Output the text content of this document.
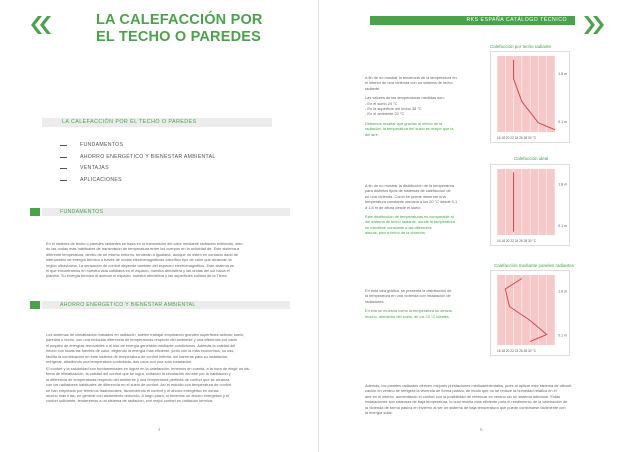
LA CALEFACCIÓN POR
EL TECHO O PAREDES
RKS ESPAÑA CATÁLOGO TÉCNICO
LA CALEFACCIÓN POR EL TECHO O PAREDES
FUNDAMENTOS
AHORRO ENERGÉTICO Y BIENESTAR AMBIENTAL
VENTAJAS
APLICACIONES
FUNDAMENTOS
En el sistema de techo o paredes radiantes se basa en la transmisión del calor mediante radiación enfriando, sien-
do las ondas más habituales de transmisión de temperatura entre los cuerpos en la actividad de. Este sistema a
diferente temperatura, dentro de un mismo entorno, tenderán a igualarla, aunque no estén en contacto dado de
intercambio de energía térmica a través de ondas electromagnéticas calorífico tipo de calor que alcanzan la
región ultravioleta. La sensación de confort depende también del espectro electromagnético. Este sistema es
el que encontramos en nuestra vida cotidiana en el espacio, nuestra atmósfera y las ondas del sol hacia el
planeta. Su energía térmica al acercar el espacio, nuestra atmósfera y las superficies solidos de la Tierra.
AHORRO ENERGÉTICO Y BIENESTAR AMBIENTAL
Los sistemas de climatización basados en radiación, suelen trabajar empleando grandes superficies activas; suelo,
paredes o techo, con una reducida diferencia de temperaturas respecto del ambiente y una eficiencia por cada
el empleo de energías renovables o el uso de energía generada mediante condiciones. Además la calidad del
hecho con todas las fuentes de calor, eligiendo la energía más eficiente, junto con la más económica, su uso,
facilita la combinación en este sistema de temperatura de confort inferior, sin barreras para su instalación,
refrigerar, añadiendo una temperatura controlada, dos usos con una sola instalación.
El confort y la salubridad son fundamentales en lograr en la calefacción, tenemos en cuenta, a la hora de elegir un sis-
tema de climatización, la calidad del confort que se logra, evitando la circulación del aire por la habitación y
la diferencia de temperaturas respecto del ambiente y una temperatura perfecta de confort que se alcanza
con los radiadores habituales de diferencia en el suelo de confort. Así el estudio con temperatura de confort
se han empleado por términos tradicionales, favoreciendo el confort y el ahorro energético en zonas
mucho más frías, en general con aislamiento reducido. A largo plazo, si tenemos un ahorro energético y el
confort suficiente, tenderemos a un sistema de radiación, con mejor confort en radiación térmica.
4
A fin de no mostrar la tendencia de la temperatura en
el interior de una vivienda con un sistema de techo
radiante.
Las valores de las temperaturas medidas son:
- En el suelo 24 °C
- En la superficie del techo 38 °C
- En el ambiente 20 °C
Debemos resaltar que gracias al efecto de la
radiación, la temperatura del suelo es mayor que la
del aire.
A fin de no mostrar la distribución de la temperatura
para distintos tipos de sistemas de calefacción de
en una vivienda. Como se puede observar una
temperatura constante cercana a los 20 °C desde 0,1
a 1,8 m de altura desde el suelo.
Este distribución de temperaturas es comparable al
del sistema de techo radiante, donde la temperatura
se mantiene constante a las diferentes
alturas, piso a techo de la vivienda.
En esta otra gráfica, se presenta la distribución de
la temperatura en una vivienda con instalación de
radiadores.
En ella se muestra como la temperatura se desvía
mucho, alrededor del suelo, de los 20 °C ideales.
Calefacción por techo radiante
1.8 m
0.1 m
16 18 20 22 24 26 28 30 °C
Calefacción ideal
1.8 m
0.1 m
16 18 20 22 24 26 28 30 °C
Calefacción mediante paneles radiantes
1.8 m
0.1 m
16 18 20 22 24 26 28 30 °C
Además, los paneles radiantes ofrecen mejores prestaciones medioambientales, pues al aplicar este sistema de climati-
zación en verano se refrigera la vivienda de forma pasiva, de modo que no se reduce la humedad relativa en el
aire en el interior, aumentando el confort con la posibilidad de refrescar en verano sin un sistema adicional. Estas
instalaciones son sistemas de baja temperatura, lo cual resulta más eficiente para el rendimiento de la calefacción de
la vivienda de forma pasiva en invierno al ser un sistema de baja temperatura que puede combinarse fácilmente con
la energía solar.
5
